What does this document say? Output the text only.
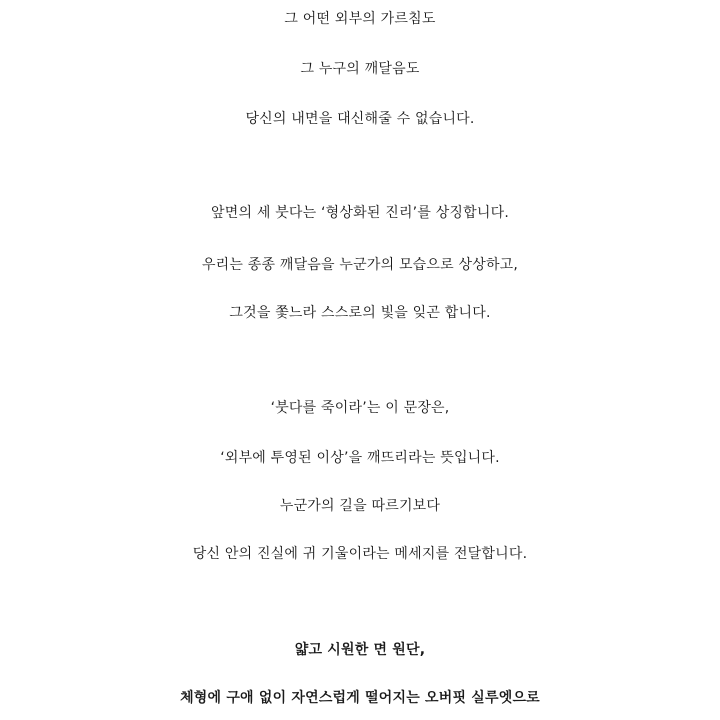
그 어떤 외부의 가르침도
그 누구의 깨달음도
당신의 내면을 대신해줄 수 없습니다.
앞면의 세 붓다는 ‘형상화된 진리’를 상징합니다.
우리는 종종 깨달음을 누군가의 모습으로 상상하고,
그것을 쫓느라 스스로의 빛을 잊곤 합니다.
‘붓다를 죽이라’는 이 문장은,
‘외부에 투영된 이상’을 깨뜨리라는 뜻입니다.
누군가의 길을 따르기보다
당신 안의 진실에 귀 기울이라는 메세지를 전달합니다.
얇고 시원한 면 원단,
체형에 구애 없이 자연스럽게 떨어지는 오버핏 실루엣으로
